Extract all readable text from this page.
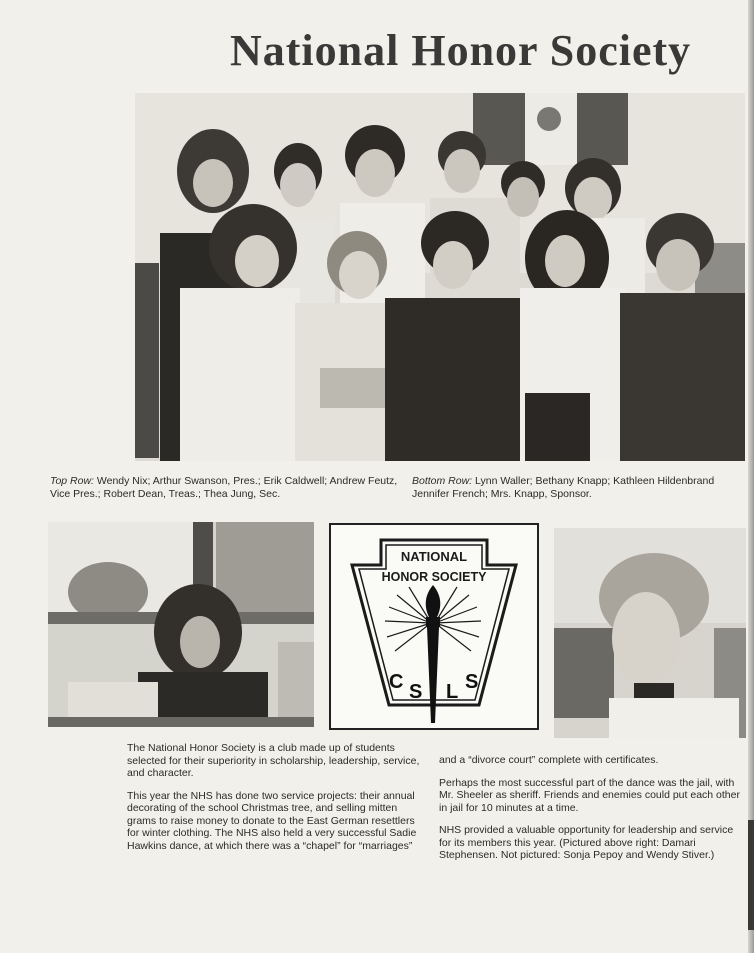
National Honor Society
Top Row: Wendy Nix; Arthur Swanson, Pres.; Erik Caldwell; Andrew Feutz, Vice Pres.; Robert Dean, Treas.; Thea Jung, Sec.
Bottom Row: Lynn Waller; Bethany Knapp; Kathleen Hildenbrand Jennifer French; Mrs. Knapp, Sponsor.
NATIONAL
HONOR SOCIETY
C S L S

The National Honor Society is a club made up of students selected for their superiority in scholarship, leadership, service, and character.

This year the NHS has done two service projects: their annual decorating of the school Christmas tree, and selling mitten grams to raise money to donate to the East German resettlers for winter clothing. The NHS also held a very successful Sadie Hawkins dance, at which there was a “chapel” for “marriages”

and a “divorce court” complete with certificates.

Perhaps the most successful part of the dance was the jail, with Mr. Sheeler as sheriff. Friends and enemies could put each other in jail for 10 minutes at a time.

NHS provided a valuable opportunity for leadership and service for its members this year. (Pictured above right: Damari Stephensen. Not pictured: Sonja Pepoy and Wendy Stiver.)
